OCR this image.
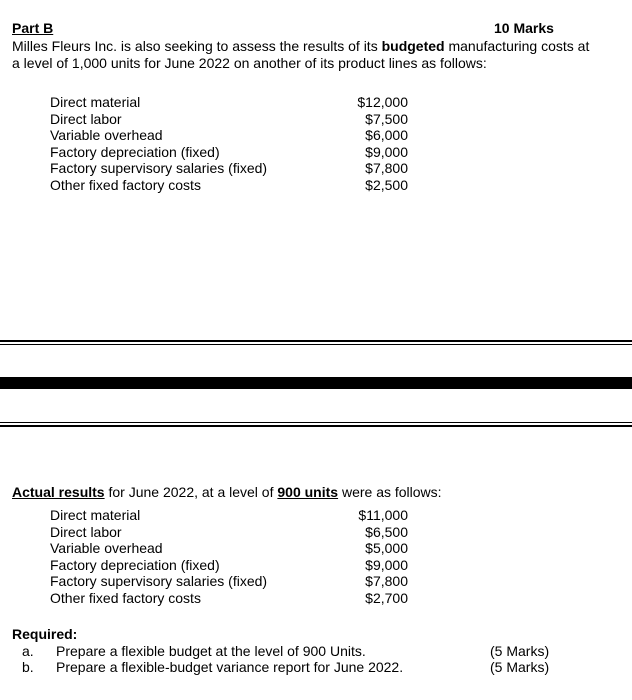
Part B	10 Marks
Milles Fleurs Inc. is also seeking to assess the results of its budgeted manufacturing costs at
a level of 1,000 units for June 2022 on another of its product lines as follows:
Direct material	$12,000
Direct labor	$7,500
Variable overhead	$6,000
Factory depreciation (fixed)	$9,000
Factory supervisory salaries (fixed)	$7,800
Other fixed factory costs	$2,500
Actual results for June 2022, at a level of 900 units were as follows:
Direct material	$11,000
Direct labor	$6,500
Variable overhead	$5,000
Factory depreciation (fixed)	$9,000
Factory supervisory salaries (fixed)	$7,800
Other fixed factory costs	$2,700
Required:
a. Prepare a flexible budget at the level of 900 Units.	(5 Marks)
b. Prepare a flexible-budget variance report for June 2022.	(5 Marks)
